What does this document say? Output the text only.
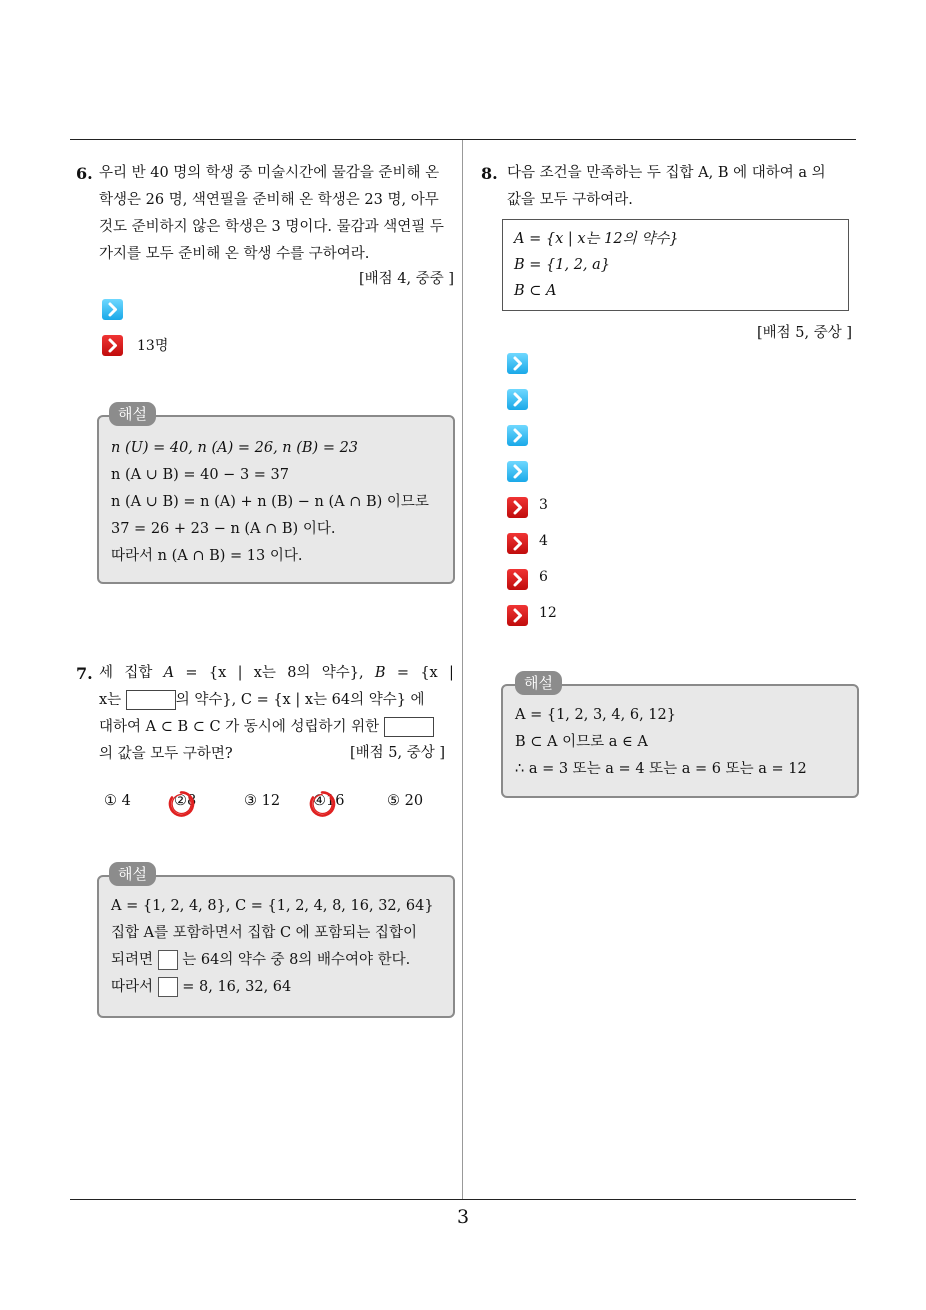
3
6. 우리 반 40 명의 학생 중 미술시간에 물감을 준비해 온
학생은 26 명, 색연필을 준비해 온 학생은 23 명, 아무
것도 준비하지 않은 학생은 3 명이다. 물감과 색연필 두
가지를 모두 준비해 온 학생 수를 구하여라.
[배점 4, 중중 ]
13명
해설
n (U) = 40, n (A) = 26, n (B) = 23
n (A ∪ B) = 40 − 3 = 37
n (A ∪ B) = n (A) + n (B) − n (A ∩ B) 이므로
37 = 26 + 23 − n (A ∩ B) 이다.
따라서 n (A ∩ B) = 13 이다.
7. 세 집합 A = {x | x는 8의 약수}, B = {x |
x는	의 약수}, C = {x | x는 64의 약수} 에
대하여 A ⊂ B ⊂ C 가 동시에 성립하기 위한
의 값을 모두 구하면?	[배점 5, 중상 ]
① 4	②8	③ 12 ④16	⑤ 20
해설
A = {1, 2, 4, 8}, C = {1, 2, 4, 8, 16, 32, 64}
집합 A를 포함하면서 집합 C 에 포함되는 집합이
되려면 는 64의 약수 중 8의 배수여야 한다.
따라서 = 8, 16, 32, 64
8. 다음 조건을 만족하는 두 집합 A, B 에 대하여 a 의
값을 모두 구하여라.
A = {x | x는 12의 약수}
B = {1, 2, a}
B ⊂ A
[배점 5, 중상 ]
3
4
6
12
해설
A = {1, 2, 3, 4, 6, 12}
B ⊂ A 이므로 a ∈ A
∴ a = 3 또는 a = 4 또는 a = 6 또는 a = 12
